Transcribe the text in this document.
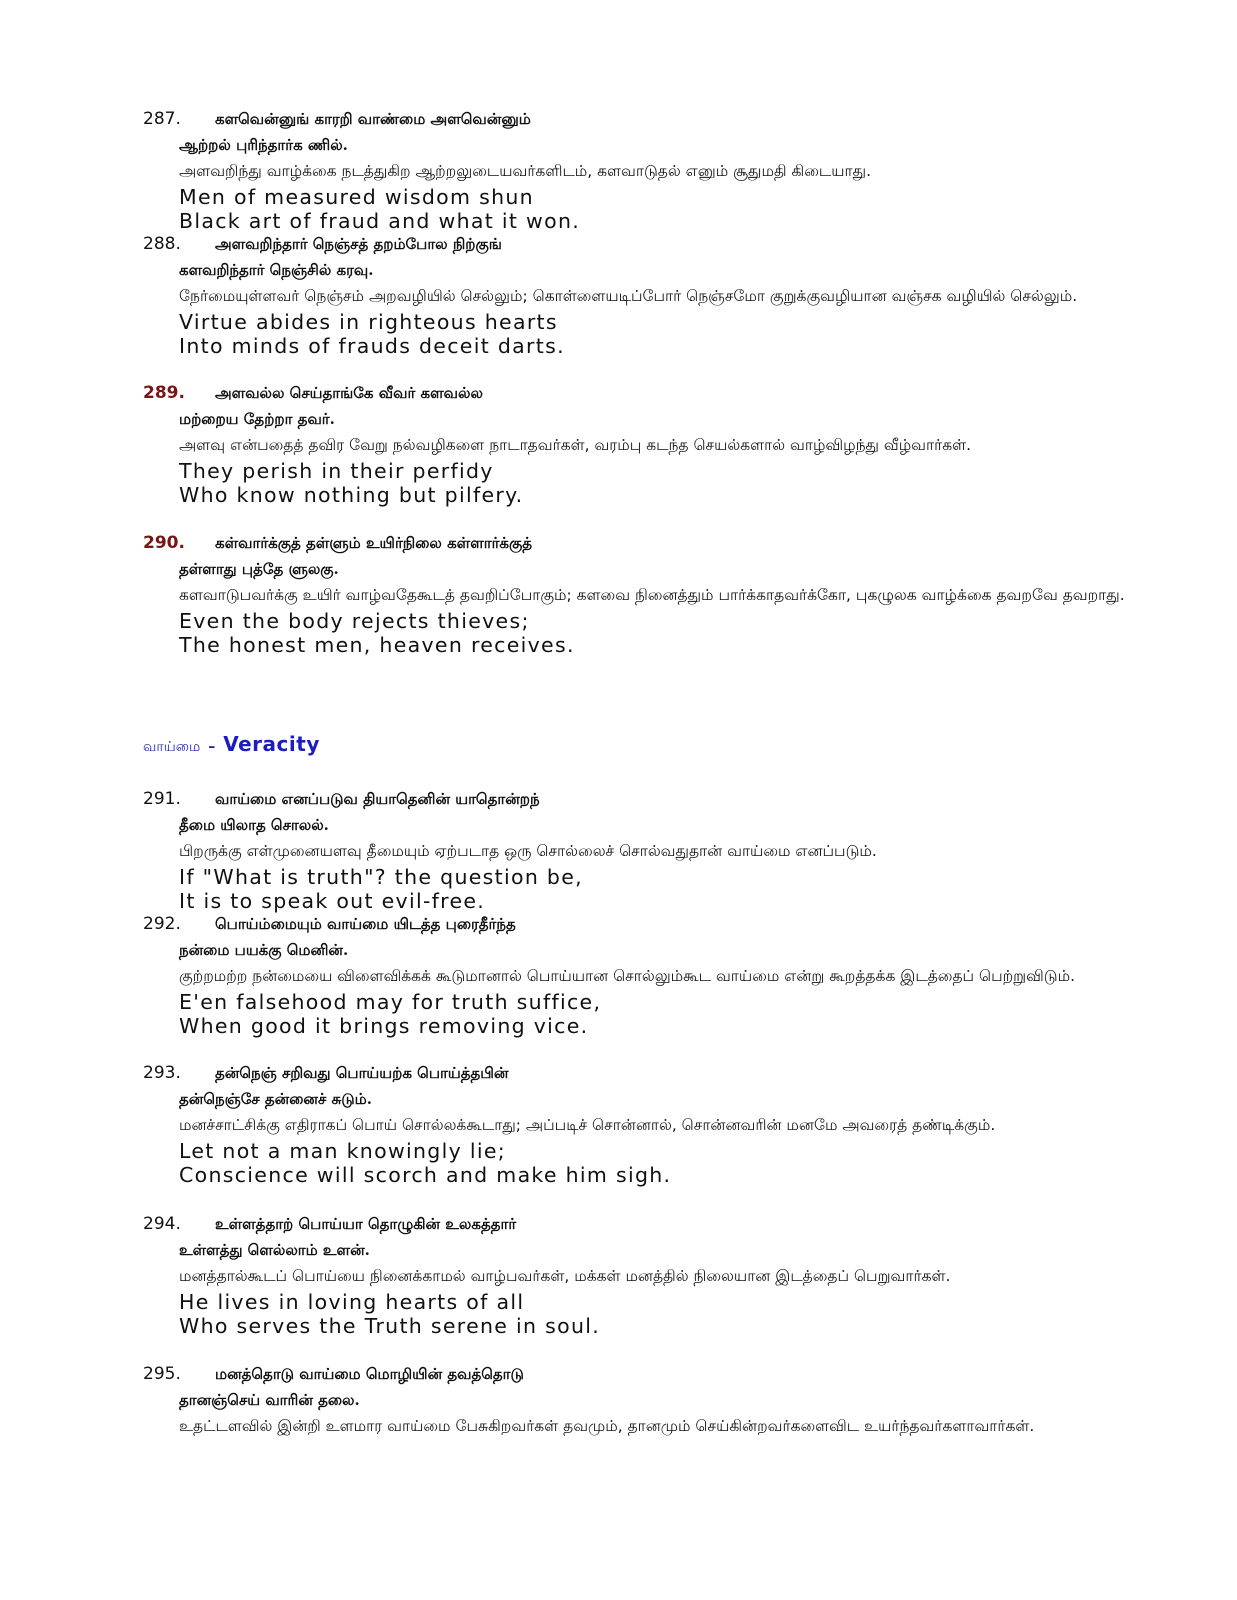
287. களவென்னுங் காரறி வாண்மை அளவென்னும்
ஆற்றல் புரிந்தார்க ணில்.
அளவறிந்து வாழ்க்கை நடத்துகிற ஆற்றலுடையவர்களிடம், களவாடுதல் எனும் சூதுமதி கிடையாது.
Men of measured wisdom shun
Black art of fraud and what it won.
288. அளவறிந்தார் நெஞ்சத் தறம்போல நிற்குங்
களவறிந்தார் நெஞ்சில் கரவு.
நேர்மையுள்ளவர் நெஞ்சம் அறவழியில் செல்லும்; கொள்ளையடிப்போர் நெஞ்சமோ குறுக்குவழியான வஞ்சக வழியில் செல்லும்.
Virtue abides in righteous hearts
Into minds of frauds deceit darts.
289. அளவல்ல செய்தாங்கே வீவர் களவல்ல
மற்றைய தேற்றா தவர்.
அளவு என்பதைத் தவிர வேறு நல்வழிகளை நாடாதவர்கள், வரம்பு கடந்த செயல்களால் வாழ்விழந்து வீழ்வார்கள்.
They perish in their perfidy
Who know nothing but pilfery.
290. கள்வார்க்குத் தள்ளும் உயிர்நிலை கள்ளார்க்குத்
தள்ளாது புத்தே ளுலகு.
களவாடுபவர்க்கு உயிர் வாழ்வதேகூடத் தவறிப்போகும்; களவை நினைத்தும் பார்க்காதவர்க்கோ, புகழுலக வாழ்க்கை தவறவே தவறாது.
Even the body rejects thieves;
The honest men, heaven receives.
வாய்மை – Veracity
291. வாய்மை எனப்படுவ தியாதெனின் யாதொன்றந்
தீமை யிலாத சொலல்.
பிறருக்கு எள்முனையளவு தீமையும் ஏற்படாத ஒரு சொல்லைச் சொல்வதுதான் வாய்மை எனப்படும்.
If "What is truth"? the question be,
It is to speak out evil-free.
292. பொய்ம்மையும் வாய்மை யிடத்த புரைதீர்ந்த
நன்மை பயக்கு மெனின்.
குற்றமற்ற நன்மையை விளைவிக்கக் கூடுமானால் பொய்யான சொல்லும்கூட வாய்மை என்று கூறத்தக்க இடத்தைப் பெற்றுவிடும்.
E'en falsehood may for truth suffice,
When good it brings removing vice.
293. தன்நெஞ் சறிவது பொய்யற்க பொய்த்தபின்
தன்நெஞ்சே தன்னைச் சுடும்.
மனச்சாட்சிக்கு எதிராகப் பொய் சொல்லக்கூடாது; அப்படிச் சொன்னால், சொன்னவரின் மனமே அவரைத் தண்டிக்கும்.
Let not a man knowingly lie;
Conscience will scorch and make him sigh.
294. உள்ளத்தாற் பொய்யா தொழுகின் உலகத்தார்
உள்ளத்து ளெல்லாம் உளன்.
மனத்தால்கூடப் பொய்யை நினைக்காமல் வாழ்பவர்கள், மக்கள் மனத்தில் நிலையான இடத்தைப் பெறுவார்கள்.
He lives in loving hearts of all
Who serves the Truth serene in soul.
295. மனத்தொடு வாய்மை மொழியின் தவத்தொடு
தானஞ்செய் வாரின் தலை.
உதட்டளவில் இன்றி உளமார வாய்மை பேசுகிறவர்கள் தவமும், தானமும் செய்கின்றவர்களைவிட உயர்ந்தவர்களாவார்கள்.
